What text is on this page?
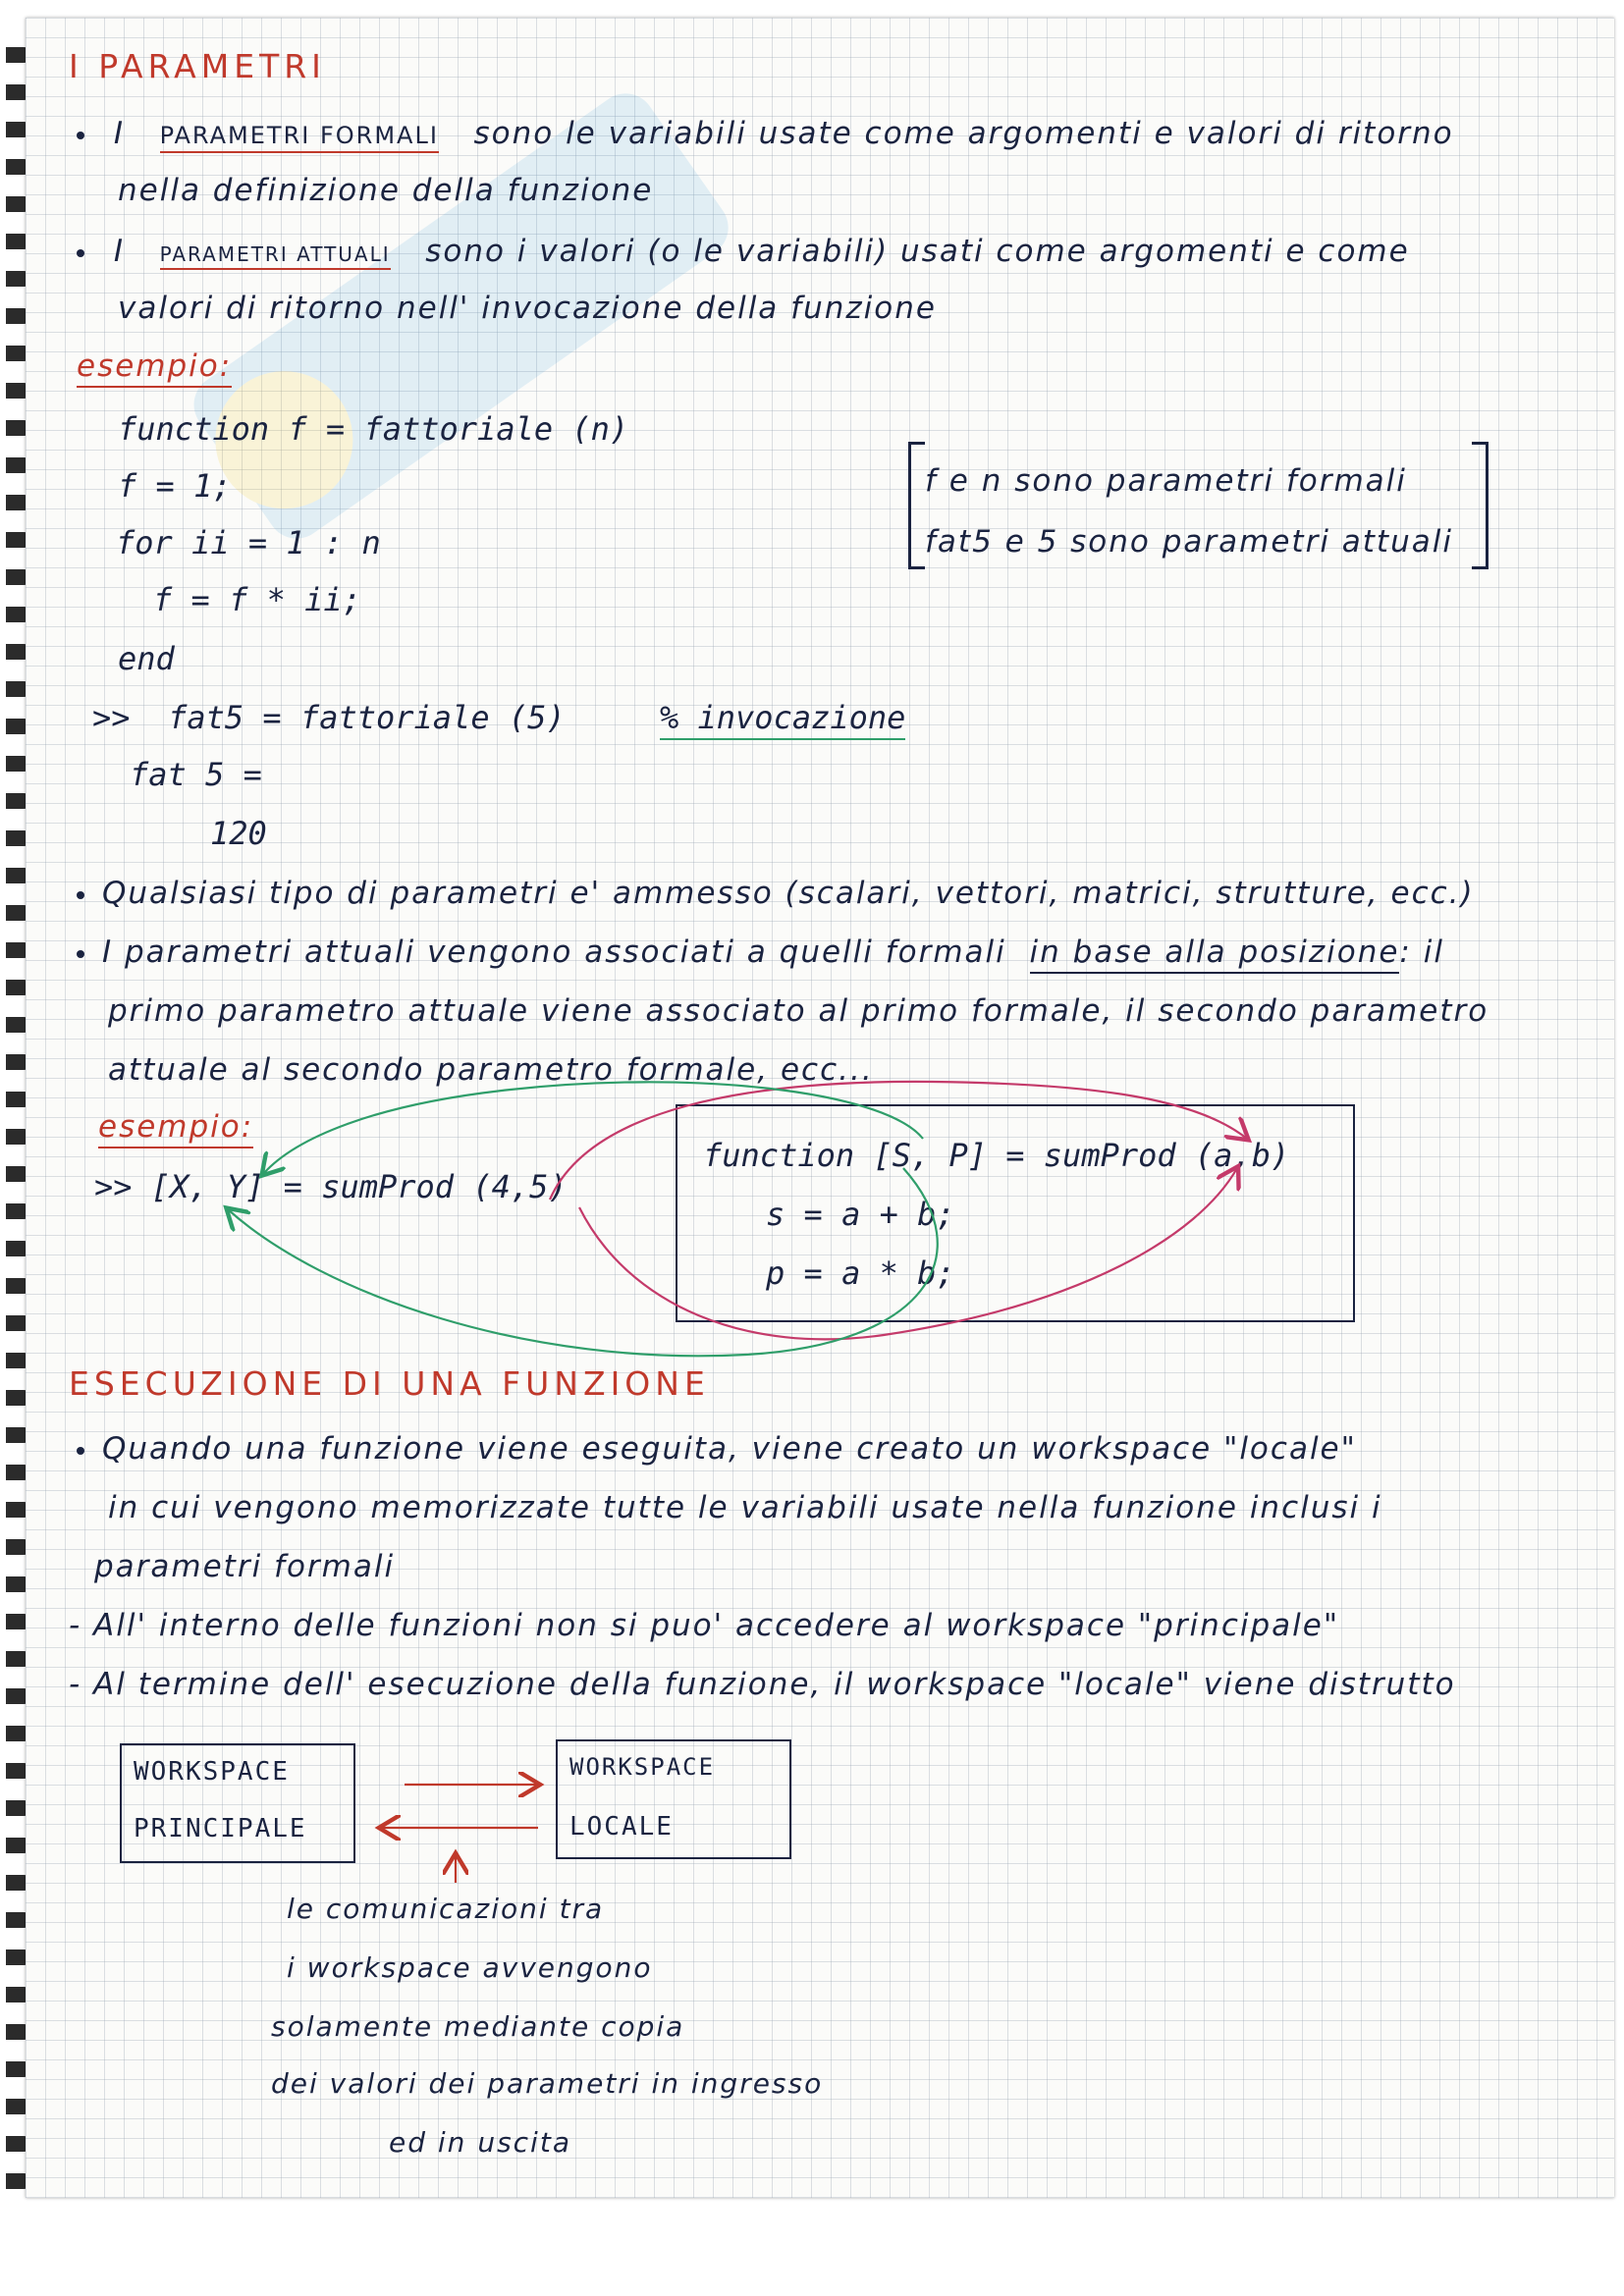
I PARAMETRI
I PARAMETRI FORMALI sono le variabili usate come argomenti e valori di ritorno
nella definizione della funzione
I PARAMETRI ATTUALI sono i valori (o le variabili) usati come argomenti e come
valori di ritorno nell' invocazione della funzione
esempio:
function f = fattoriale (n)
f = 1;
for ii = 1 : n
f = f * ii;
end
>> fat5 = fattoriale (5)	% invocazione
fat 5 =
120
f e n sono parametri formali
fat5 e 5 sono parametri attuali
Qualsiasi tipo di parametri e' ammesso (scalari, vettori, matrici, strutture, ecc.)
I parametri attuali vengono associati a quelli formali in base alla posizione: il
primo parametro attuale viene associato al primo formale, il secondo parametro
attuale al secondo parametro formale, ecc...
esempio:
>> [X, Y] = sumProd (4,5)
function [S, P] = sumProd (a,b)
s = a + b;
p = a * b;
ESECUZIONE DI UNA FUNZIONE
Quando una funzione viene eseguita, viene creato un workspace "locale"
in cui vengono memorizzate tutte le variabili usate nella funzione inclusi i
parametri formali
- All' interno delle funzioni non si puo' accedere al workspace "principale"
- Al termine dell' esecuzione della funzione, il workspace "locale" viene distrutto
WORKSPACE
PRINCIPALE
WORKSPACE
LOCALE
le comunicazioni tra
i workspace avvengono
solamente mediante copia
dei valori dei parametri in ingresso
ed in uscita
